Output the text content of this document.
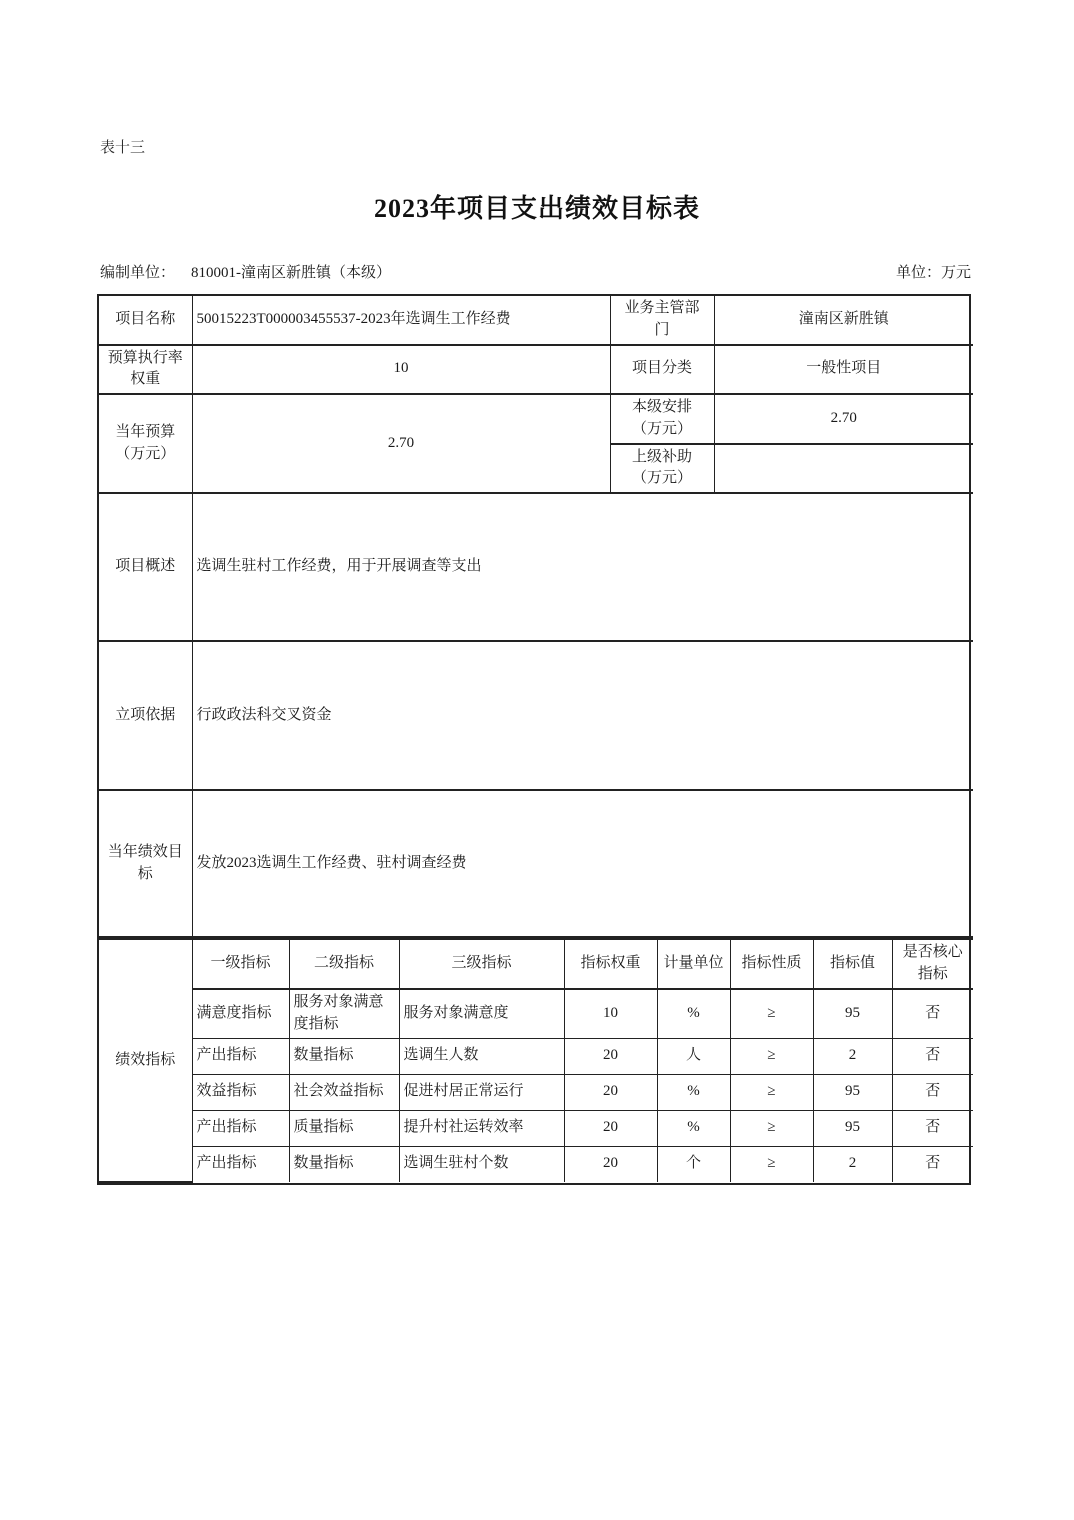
表十三
2023年项目支出绩效目标表
编制单位： 810001-潼南区新胜镇（本级）	单位：万元
项目名称	50015223T000003455537-2023年选调生工作经费	业务主管部门	潼南区新胜镇
预算执行率权重	10	项目分类	一般性项目
当年预算（万元）	2.70	本级安排（万元）	2.70
		上级补助（万元）	
项目概述	选调生驻村工作经费，用于开展调查等支出		
立项依据	行政政法科交叉资金		
当年绩效目标	发放2023选调生工作经费、驻村调查经费		
绩效指标	一级指标	二级指标	三级指标	指标权重	计量单位	指标性质	指标值	是否核心指标
	满意度指标	服务对象满意度指标	服务对象满意度	10	%	≥	95	否
	产出指标	数量指标	选调生人数	20	人	≥	2	否
	效益指标	社会效益指标	促进村居正常运行	20	%	≥	95	否
	产出指标	质量指标	提升村社运转效率	20	%	≥	95	否
	产出指标	数量指标	选调生驻村个数	20	个	≥	2	否
